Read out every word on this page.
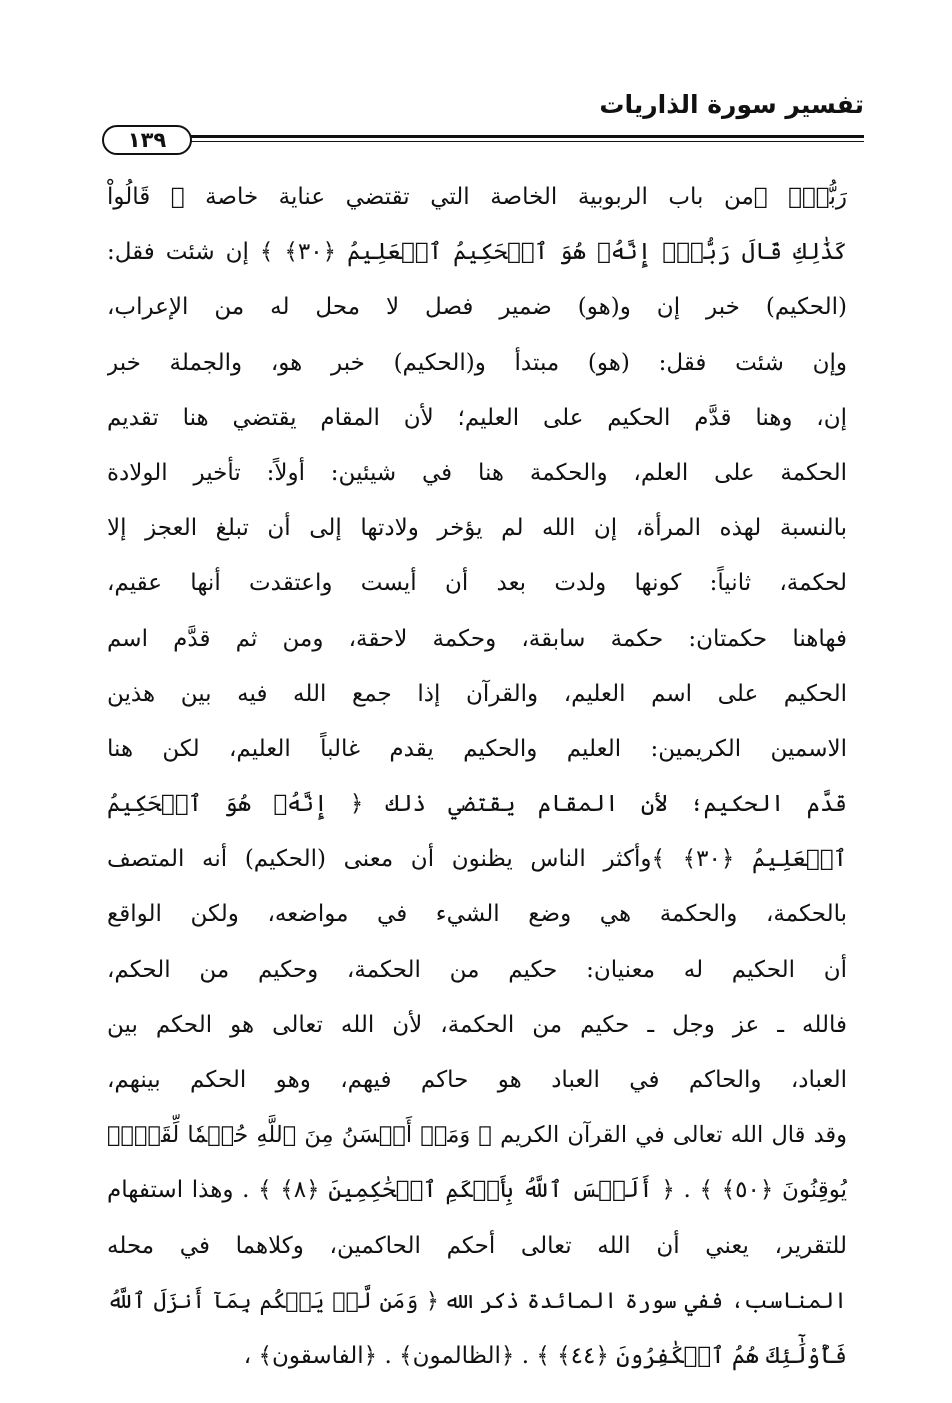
تفسير سورة الذاريات
١٣٩
رَبُّكِۖ ﴾من باب الربوبية الخاصة التي تقتضي عناية خاصة ﴿ قَالُواْ
كَذَٰلِكِ قَالَ رَبُّكِۖ إِنَّهُۥ هُوَ ٱلۡحَكِيمُ ٱلۡعَلِيمُ ﴿٣٠﴾ ﴾ إن شئت فقل:
(الحكيم) خبر إن و(هو) ضمير فصل لا محل له من الإعراب،
وإن شئت فقل: (هو) مبتدأ و(الحكيم) خبر هو، والجملة خبر
إن، وهنا قدَّم الحكيم على العليم؛ لأن المقام يقتضي هنا تقديم
الحكمة على العلم، والحكمة هنا في شيئين: أولاً: تأخير الولادة
بالنسبة لهذه المرأة، إن الله لم يؤخر ولادتها إلى أن تبلغ العجز إلا
لحكمة، ثانياً: كونها ولدت بعد أن أيست واعتقدت أنها عقيم،
فهاهنا حكمتان: حكمة سابقة، وحكمة لاحقة، ومن ثم قدَّم اسم
الحكيم على اسم العليم، والقرآن إذا جمع الله فيه بين هذين
الاسمين الكريمين: العليم والحكيم يقدم غالباً العليم، لكن هنا
قدَّم الحكيم؛ لأن المقام يقتضي ذلك ﴿ إِنَّهُۥ هُوَ ٱلۡحَكِيمُ
ٱلۡعَلِيمُ ﴿٣٠﴾ ﴾وأكثر الناس يظنون أن معنى (الحكيم) أنه المتصف
بالحكمة، والحكمة هي وضع الشيء في مواضعه، ولكن الواقع
أن الحكيم له معنيان: حكيم من الحكمة، وحكيم من الحكم،
فالله ـ عز وجل ـ حكيم من الحكمة، لأن الله تعالى هو الحكم بين
العباد، والحاكم في العباد هو حاكم فيهم، وهو الحكم بينهم،
وقد قال الله تعالى في القرآن الكريم ﴿ وَمَنۡ أَحۡسَنُ مِنَ ٱللَّهِ حُكۡمٗا لِّقَوۡمٖ
يُوقِنُونَ ﴿٥٠﴾ ﴾ . ﴿ أَلَيۡسَ ٱللَّهُ بِأَحۡكَمِ ٱلۡحَٰكِمِينَ ﴿٨﴾ ﴾ . وهذا استفهام
للتقرير، يعني أن الله تعالى أحكم الحاكمين، وكلاهما في محله
المناسب، ففي سورة المائدة ذكر الله ﴿ وَمَن لَّمۡ يَحۡكُم بِمَآ أَنزَلَ ٱللَّهُ
فَأُوْلَٰٓئِكَ هُمُ ٱلۡكَٰفِرُونَ ﴿٤٤﴾ ﴾ . ﴿الظالمون﴾ . ﴿الفاسقون﴾ ،
